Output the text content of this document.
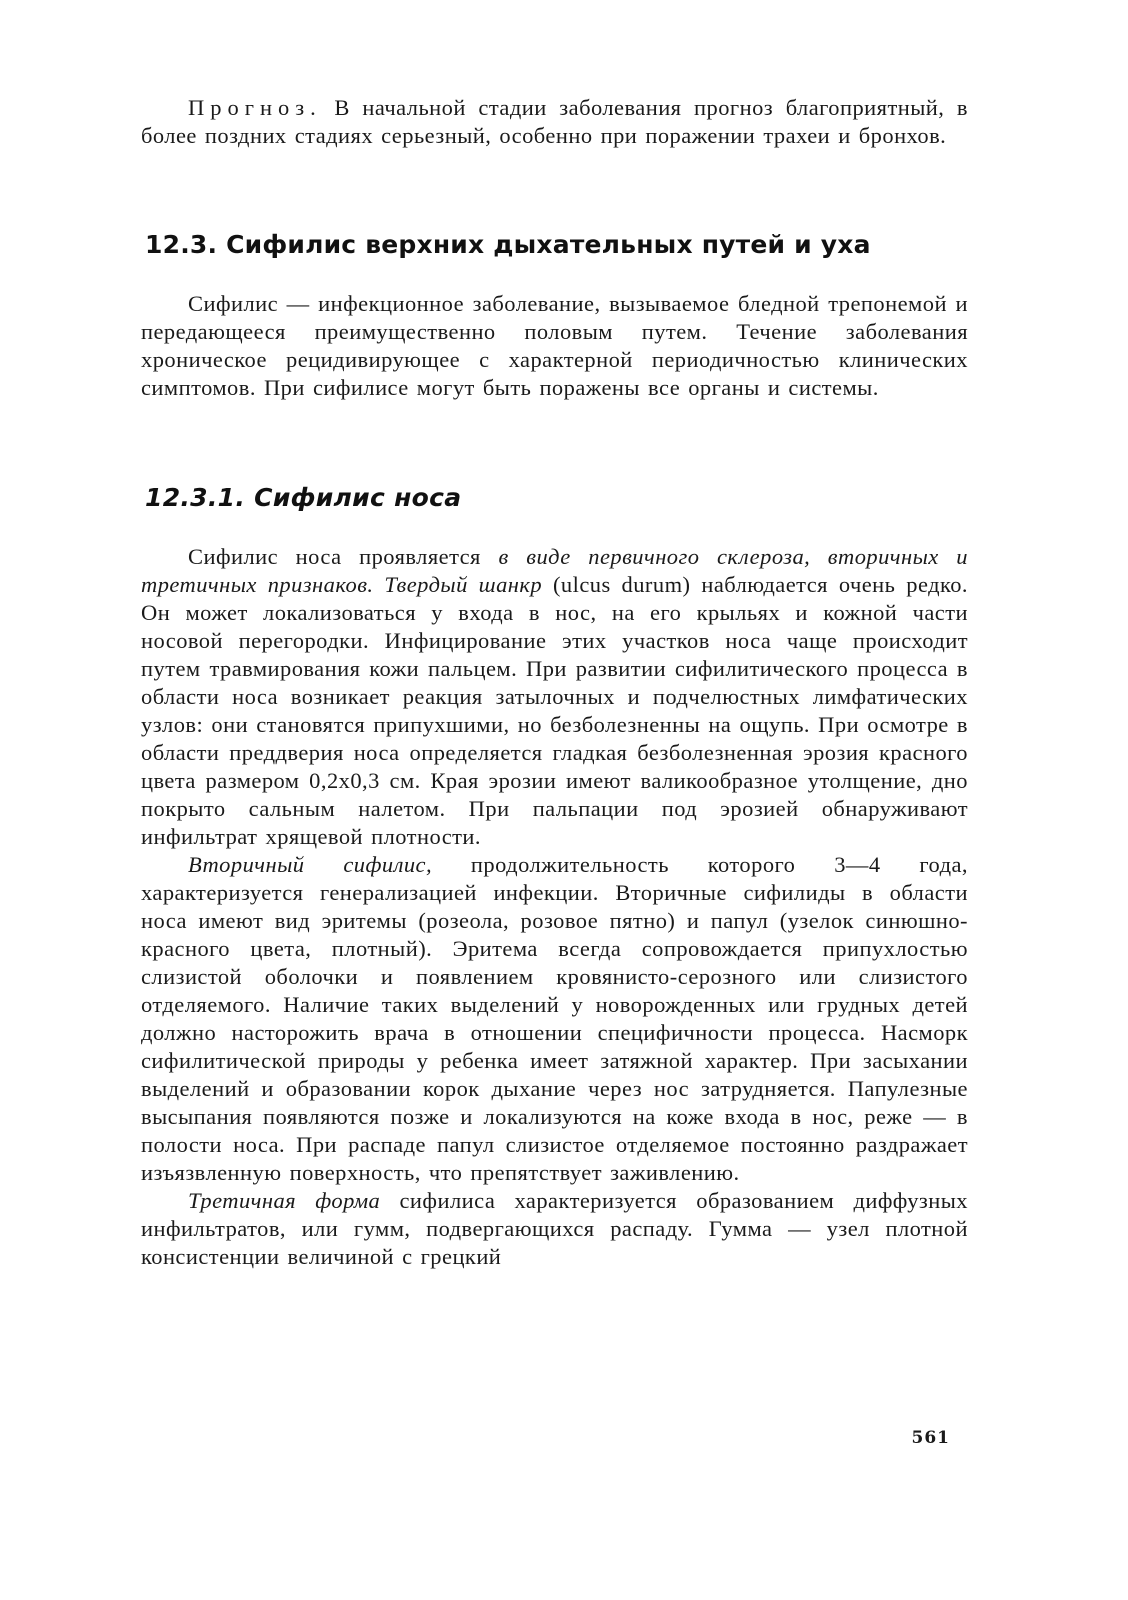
Прогноз. В начальной стадии заболевания прогноз благоприятный, в более поздних стадиях серьезный, особенно при поражении трахеи и бронхов.

12.3. Сифилис верхних дыхательных путей и уха

Сифилис — инфекционное заболевание, вызываемое бледной трепонемой и передающееся преимущественно половым путем. Течение заболевания хроническое рецидивирующее с характерной периодичностью клинических симптомов. При сифилисе могут быть поражены все органы и системы.

12.3.1. Сифилис носа

Сифилис носа проявляется в виде первичного склероза, вторичных и третичных признаков. Твердый шанкр (ulcus durum) наблюдается очень редко. Он может локализоваться у входа в нос, на его крыльях и кожной части носовой перегородки. Инфицирование этих участков носа чаще происходит путем травмирования кожи пальцем. При развитии сифилитического процесса в области носа возникает реакция затылочных и подчелюстных лимфатических узлов: они становятся припухшими, но безболезненны на ощупь. При осмотре в области преддверия носа определяется гладкая безболезненная эрозия красного цвета размером 0,2х0,3 см. Края эрозии имеют валикообразное утолщение, дно покрыто сальным налетом. При пальпации под эрозией обнаруживают инфильтрат хрящевой плотности.

Вторичный сифилис, продолжительность которого 3—4 года, характеризуется генерализацией инфекции. Вторичные сифилиды в области носа имеют вид эритемы (розеола, розовое пятно) и папул (узелок синюшно-красного цвета, плотный). Эритема всегда сопровождается припухлостью слизистой оболочки и появлением кровянисто-серозного или слизистого отделяемого. Наличие таких выделений у новорожденных или грудных детей должно насторожить врача в отношении специфичности процесса. Насморк сифилитической природы у ребенка имеет затяжной характер. При засыхании выделений и образовании корок дыхание через нос затрудняется. Папулезные высыпания появляются позже и локализуются на коже входа в нос, реже — в полости носа. При распаде папул слизистое отделяемое постоянно раздражает изъязвленную поверхность, что препятствует заживлению.

Третичная форма сифилиса характеризуется образованием диффузных инфильтратов, или гумм, подвергающихся распаду. Гумма — узел плотной консистенции величиной с грецкий

561
